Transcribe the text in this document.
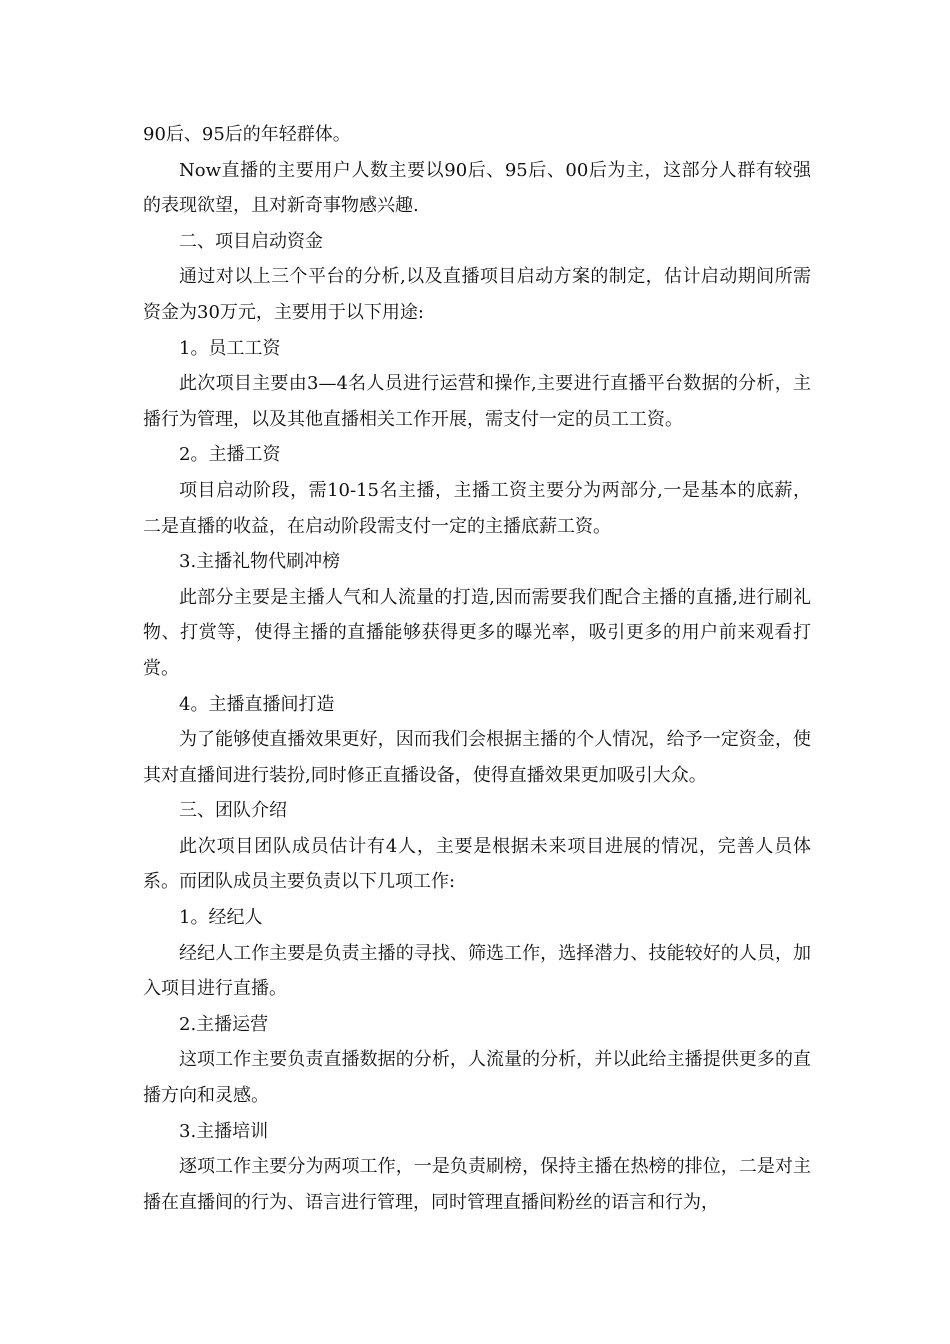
90后、95后的年轻群体。

Now直播的主要用户人数主要以90后、95后、00后为主，这部分人群有较强的表现欲望，且对新奇事物感兴趣.

二、项目启动资金

通过对以上三个平台的分析,以及直播项目启动方案的制定，估计启动期间所需资金为30万元，主要用于以下用途:

1。员工工资

此次项目主要由3—4名人员进行运营和操作,主要进行直播平台数据的分析，主播行为管理，以及其他直播相关工作开展，需支付一定的员工工资。

2。主播工资

项目启动阶段，需10-15名主播，主播工资主要分为两部分,一是基本的底薪，二是直播的收益，在启动阶段需支付一定的主播底薪工资。

3.主播礼物代刷冲榜

此部分主要是主播人气和人流量的打造,因而需要我们配合主播的直播,进行刷礼物、打赏等，使得主播的直播能够获得更多的曝光率，吸引更多的用户前来观看打赏。

4。主播直播间打造

为了能够使直播效果更好，因而我们会根据主播的个人情况，给予一定资金，使其对直播间进行装扮,同时修正直播设备，使得直播效果更加吸引大众。

三、团队介绍

此次项目团队成员估计有4人，主要是根据未来项目进展的情况，完善人员体系。而团队成员主要负责以下几项工作:

1。经纪人

经纪人工作主要是负责主播的寻找、筛选工作，选择潜力、技能较好的人员，加入项目进行直播。

2.主播运营

这项工作主要负责直播数据的分析，人流量的分析，并以此给主播提供更多的直播方向和灵感。

3.主播培训

逐项工作主要分为两项工作，一是负责刷榜，保持主播在热榜的排位，二是对主播在直播间的行为、语言进行管理，同时管理直播间粉丝的语言和行为，
